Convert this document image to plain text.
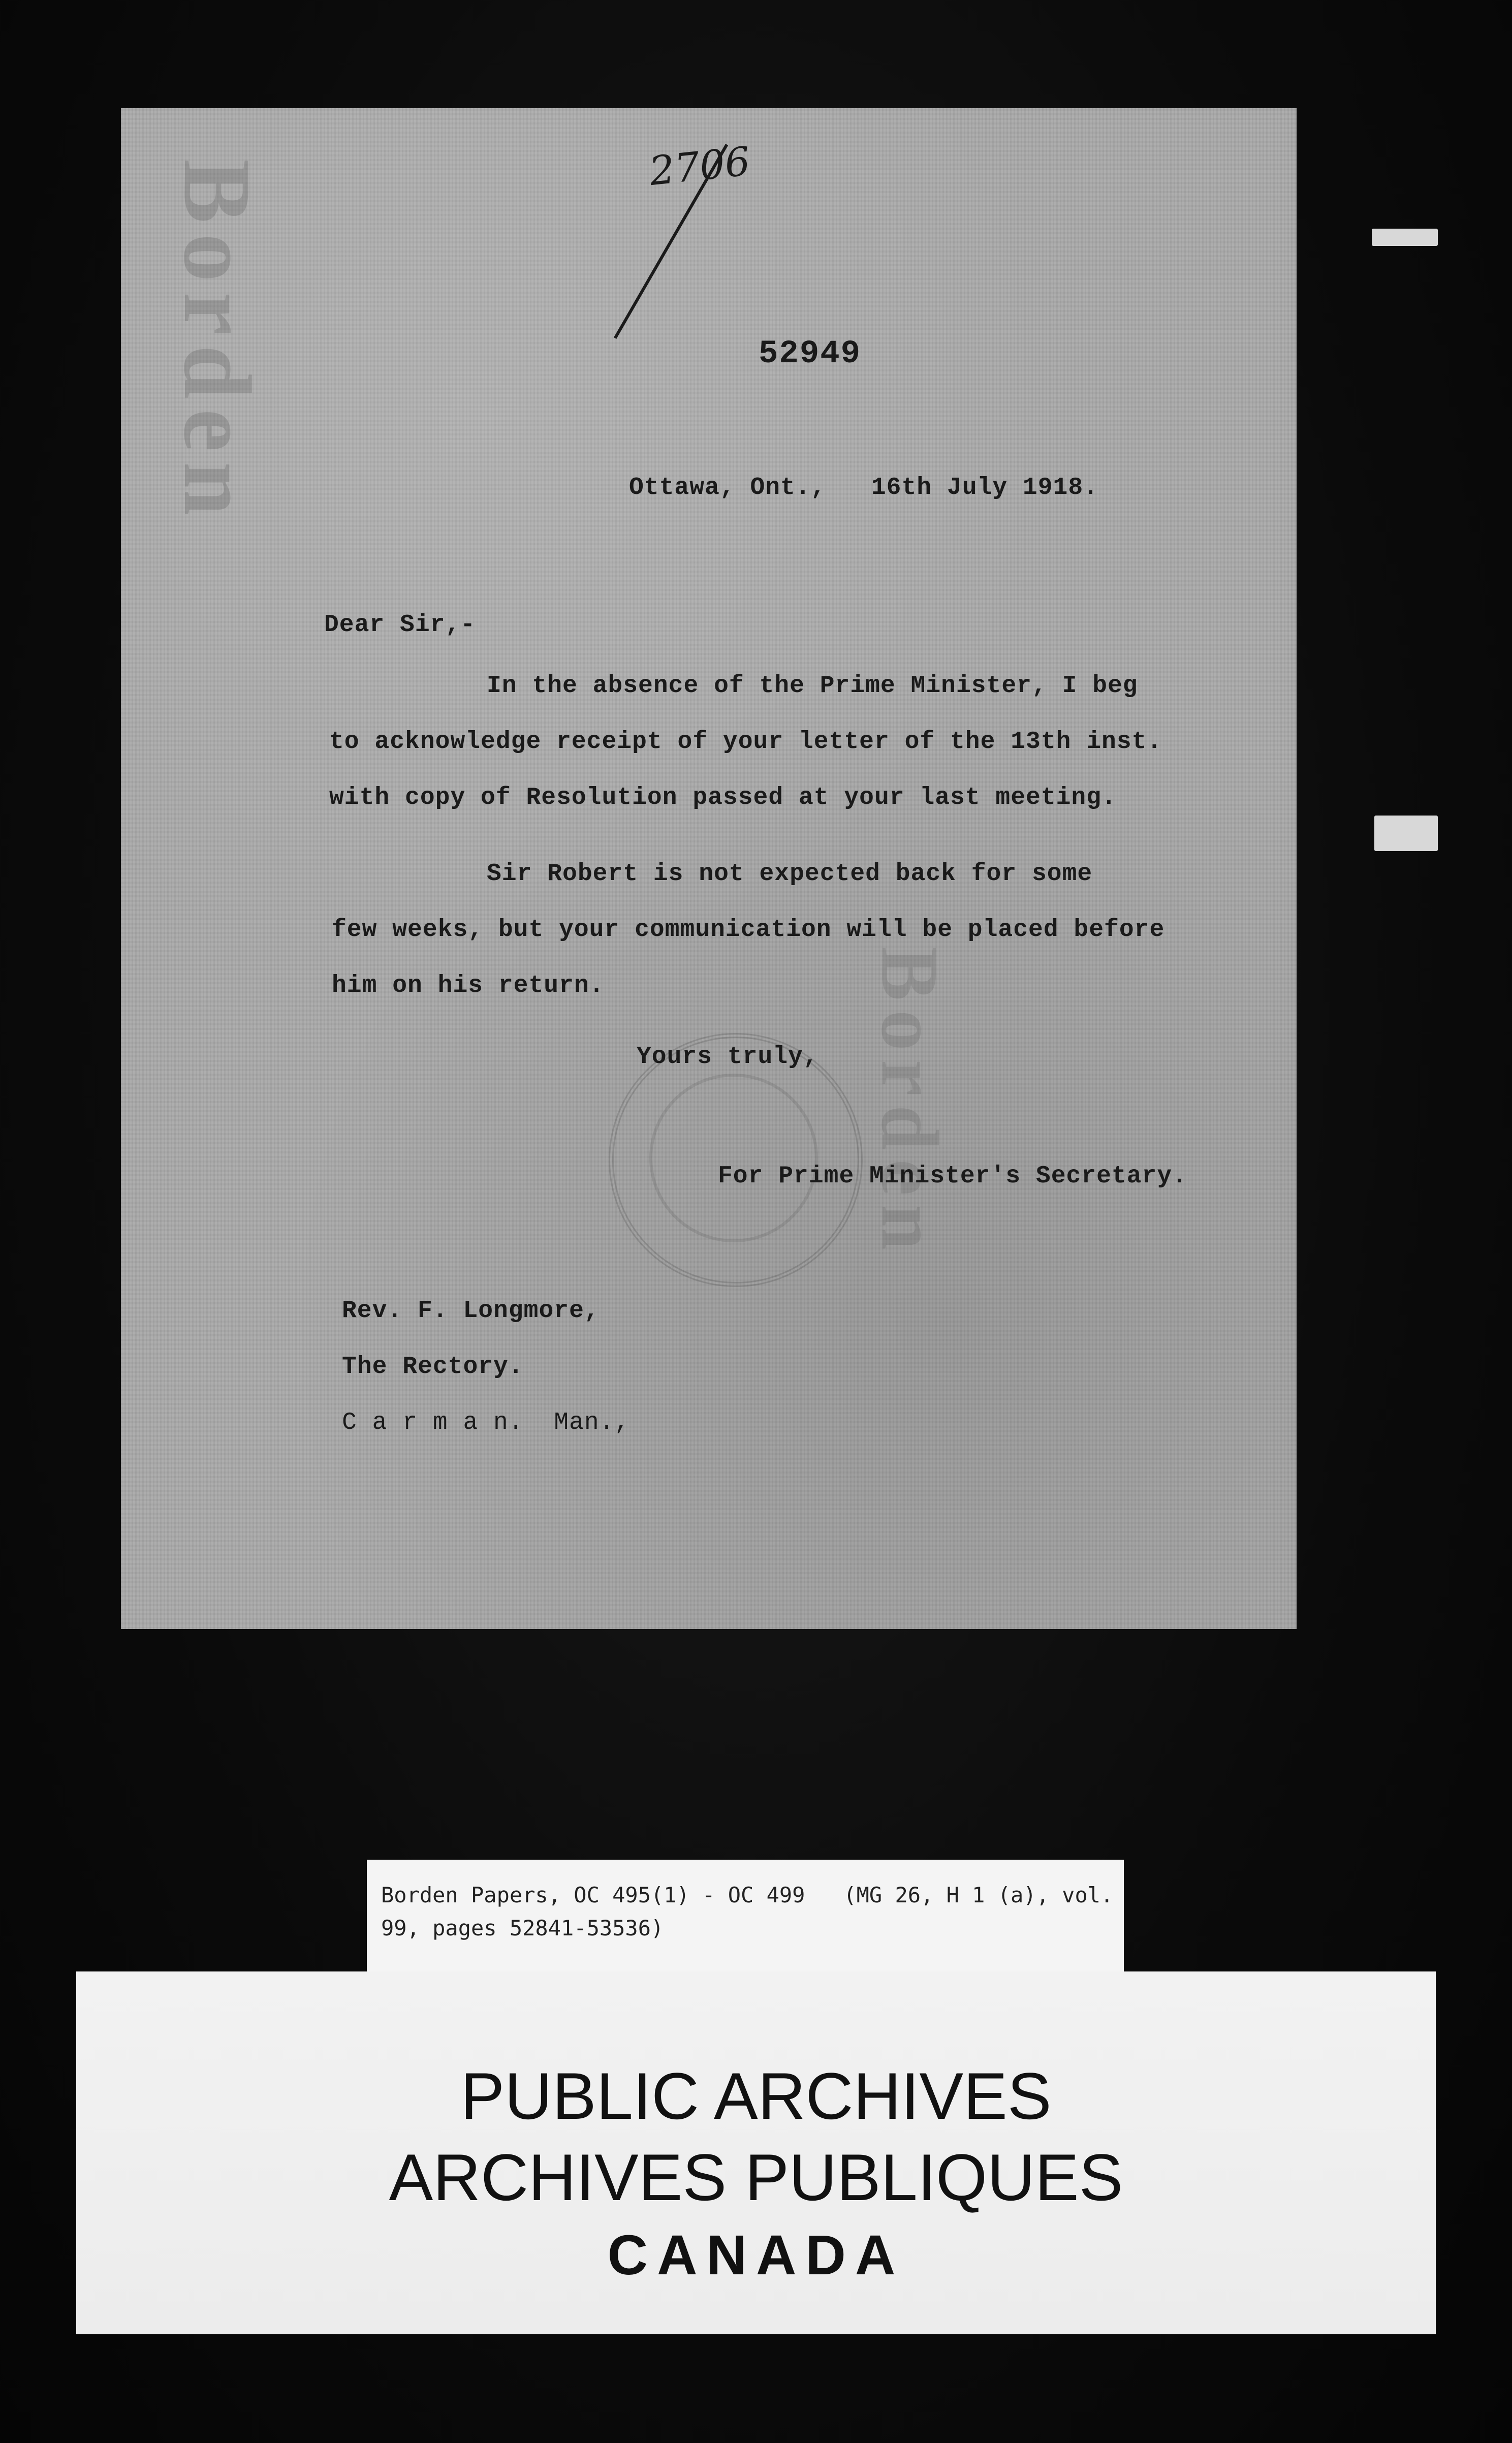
Borden
Borden
2706
52949
Ottawa, Ont.,   16th July 1918.
Dear Sir,-
In the absence of the Prime Minister, I beg
to acknowledge receipt of your letter of the 13th inst.
with copy of Resolution passed at your last meeting.
Sir Robert is not expected back for some
few weeks, but your communication will be placed before
him on his return.
Yours truly,
For Prime Minister's Secretary.
Rev. F. Longmore,
The Rectory.
C a r m a n.  Man.,
Borden Papers, OC 495(1) - OC 499   (MG 26, H 1 (a), vol.
99, pages 52841-53536)
PUBLIC ARCHIVES
ARCHIVES PUBLIQUES
CANADA
